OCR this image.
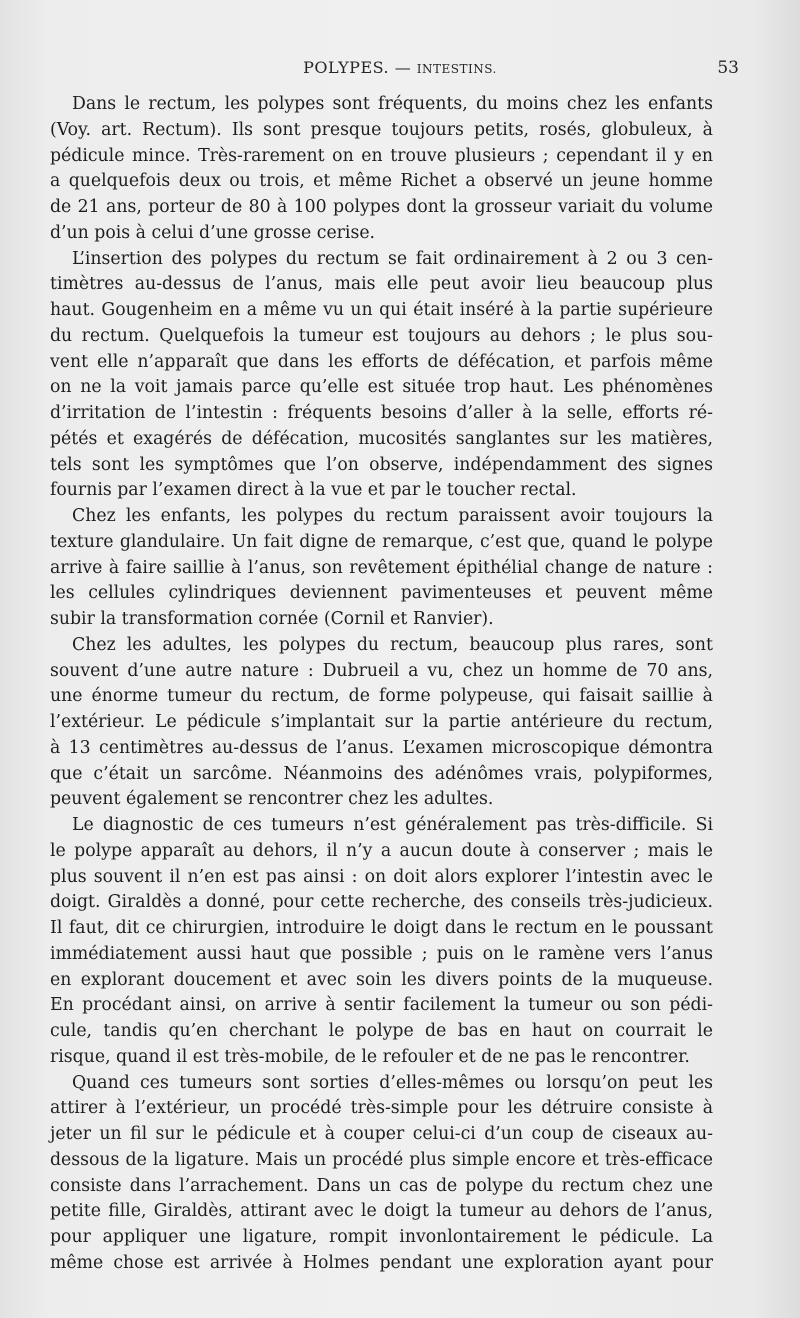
POLYPES. — INTESTINS.	53

Dans le rectum, les polypes sont fréquents, du moins chez les enfants
(Voy. art. Rectum). Ils sont presque toujours petits, rosés, globuleux, à
pédicule mince. Très-rarement on en trouve plusieurs ; cependant il y en
a quelquefois deux ou trois, et même Richet a observé un jeune homme
de 21 ans, porteur de 80 à 100 polypes dont la grosseur variait du volume
d’un pois à celui d’une grosse cerise.

L’insertion des polypes du rectum se fait ordinairement à 2 ou 3 cen-
timètres au-dessus de l’anus, mais elle peut avoir lieu beaucoup plus
haut. Gougenheim en a même vu un qui était inséré à la partie supérieure
du rectum. Quelquefois la tumeur est toujours au dehors ; le plus sou-
vent elle n’apparaît que dans les efforts de défécation, et parfois même
on ne la voit jamais parce qu’elle est située trop haut. Les phénomènes
d’irritation de l’intestin : fréquents besoins d’aller à la selle, efforts ré-
pétés et exagérés de défécation, mucosités sanglantes sur les matières,
tels sont les symptômes que l’on observe, indépendamment des signes
fournis par l’examen direct à la vue et par le toucher rectal.

Chez les enfants, les polypes du rectum paraissent avoir toujours la
texture glandulaire. Un fait digne de remarque, c’est que, quand le polype
arrive à faire saillie à l’anus, son revêtement épithélial change de nature :
les cellules cylindriques deviennent pavimenteuses et peuvent même
subir la transformation cornée (Cornil et Ranvier).

Chez les adultes, les polypes du rectum, beaucoup plus rares, sont
souvent d’une autre nature : Dubrueil a vu, chez un homme de 70 ans,
une énorme tumeur du rectum, de forme polypeuse, qui faisait saillie à
l’extérieur. Le pédicule s’implantait sur la partie antérieure du rectum,
à 13 centimètres au-dessus de l’anus. L’examen microscopique démontra
que c’était un sarcôme. Néanmoins des adénômes vrais, polypiformes,
peuvent également se rencontrer chez les adultes.

Le diagnostic de ces tumeurs n’est généralement pas très-difficile. Si
le polype apparaît au dehors, il n’y a aucun doute à conserver ; mais le
plus souvent il n’en est pas ainsi : on doit alors explorer l’intestin avec le
doigt. Giraldès a donné, pour cette recherche, des conseils très-judicieux.
Il faut, dit ce chirurgien, introduire le doigt dans le rectum en le poussant
immédiatement aussi haut que possible ; puis on le ramène vers l’anus
en explorant doucement et avec soin les divers points de la muqueuse.
En procédant ainsi, on arrive à sentir facilement la tumeur ou son pédi-
cule, tandis qu’en cherchant le polype de bas en haut on courrait le
risque, quand il est très-mobile, de le refouler et de ne pas le rencontrer.

Quand ces tumeurs sont sorties d’elles-mêmes ou lorsqu’on peut les
attirer à l’extérieur, un procédé très-simple pour les détruire consiste à
jeter un fil sur le pédicule et à couper celui-ci d’un coup de ciseaux au-
dessous de la ligature. Mais un procédé plus simple encore et très-efficace
consiste dans l’arrachement. Dans un cas de polype du rectum chez une
petite fille, Giraldès, attirant avec le doigt la tumeur au dehors de l’anus,
pour appliquer une ligature, rompit invonlontairement le pédicule. La
même chose est arrivée à Holmes pendant une exploration ayant pour
